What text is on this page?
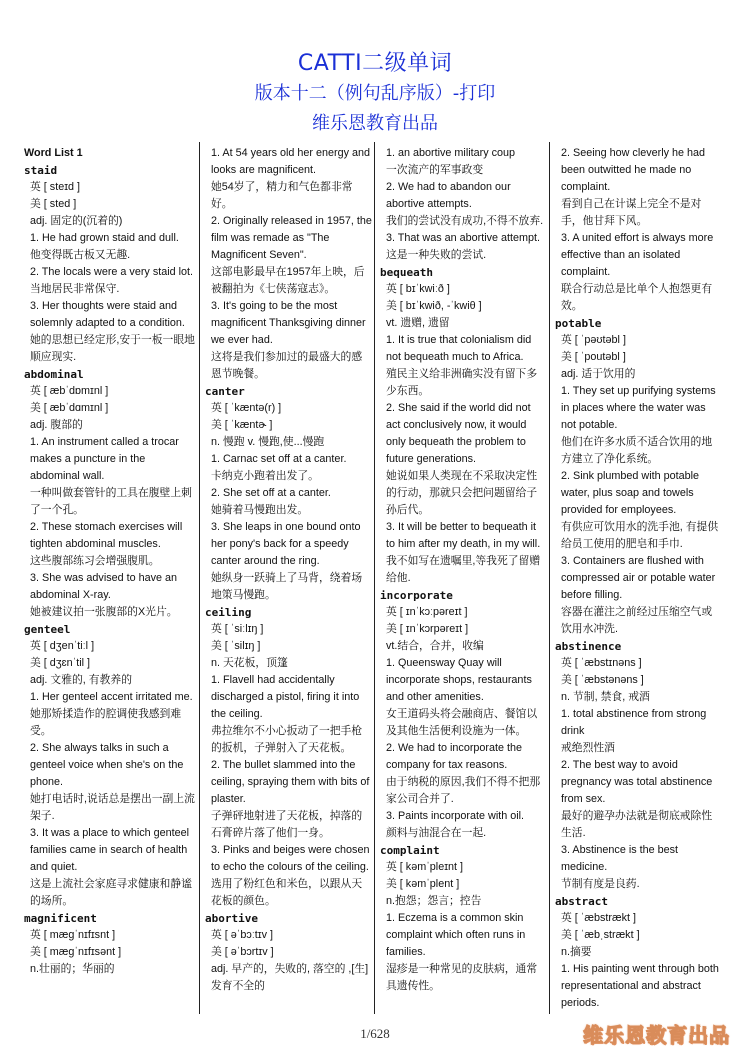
CATTI二级单词
版本十二（例句乱序版）-打印
维乐恩教育出品
Word List 1
staid
英 [ steɪd ]
美 [ sted ]
adj. 固定的(沉着的)
1. He had grown staid and dull.
他变得既古板又无趣.
2. The locals were a very staid lot.
当地居民非常保守.
3. Her thoughts were staid and solemnly adapted to a condition.
她的思想已经定形,安于一板一眼地顺应现实.
abdominal
英 [ æbˈdɒmɪnl ]
美 [ æbˈdɑmɪnl ]
adj. 腹部的
1. An instrument called a trocar makes a puncture in the abdominal wall.
一种叫做套管针的工具在腹壁上刺了一个孔。
2. These stomach exercises will tighten abdominal muscles.
这些腹部练习会增强腹肌。
3. She was advised to have an abdominal X-ray.
她被建议拍一张腹部的X光片。
genteel
英 [ dʒenˈtiːl ]
美 [ dʒɛnˈtil ]
adj. 文雅的, 有教养的
1. Her genteel accent irritated me.
她那矫揉造作的腔调使我感到难受。
2. She always talks in such a genteel voice when she's on the phone.
她打电话时,说话总是摆出一副上流架子.
3. It was a place to which genteel families came in search of health and quiet.
这是上流社会家庭寻求健康和静谧的场所。
magnificent
英 [ mæɡˈnɪfɪsnt ]
美 [ mæɡˈnɪfɪsənt ]
n.壮丽的；华丽的
1. At 54 years old her energy and looks are magnificent.
她54岁了，精力和气色都非常好。
2. Originally released in 1957, the film was remade as "The Magnificent Seven".
这部电影最早在1957年上映，后被翻拍为《七侠荡寇志》。
3. It's going to be the most magnificent Thanksgiving dinner we ever had.
这将是我们参加过的最盛大的感恩节晚餐。
canter
英 [ ˈkæntə(r) ]
美 [ ˈkæntɚ ]
n. 慢跑 v. 慢跑,使...慢跑
1. Carnac set off at a canter.
卡纳克小跑着出发了。
2. She set off at a canter.
她骑着马慢跑出发。
3. She leaps in one bound onto her pony's back for a speedy canter around the ring.
她纵身一跃骑上了马背，绕着场地策马慢跑。
ceiling
英 [ ˈsiːlɪŋ ]
美 [ ˈsilɪŋ ]
n. 天花板，顶篷
1. Flavell had accidentally discharged a pistol, firing it into the ceiling.
弗拉维尔不小心扳动了一把手枪的扳机，子弹射入了天花板。
2. The bullet slammed into the ceiling, spraying them with bits of plaster.
子弹砰地射进了天花板，掉落的石膏碎片落了他们一身。
3. Pinks and beiges were chosen to echo the colours of the ceiling.
选用了粉红色和米色，以跟从天花板的颜色。
abortive
英 [ əˈbɔːtɪv ]
美 [ əˈbɔrtɪv ]
adj. 早产的，失败的, 落空的 ,[生]发育不全的
1. an abortive military coup
一次流产的军事政变
2. We had to abandon our abortive attempts.
我们的尝试没有成功,不得不放弃.
3. That was an abortive attempt.
这是一种失败的尝试.
bequeath
英 [ bɪˈkwiːð ]
美 [ bɪˈkwið, -ˈkwiθ ]
vt. 遗赠, 遗留
1. It is true that colonialism did not bequeath much to Africa.
殖民主义给非洲确实没有留下多少东西。
2. She said if the world did not act conclusively now, it would only bequeath the problem to future generations.
她说如果人类现在不采取决定性的行动，那就只会把问题留给子孙后代。
3. It will be better to bequeath it to him after my death, in my will.
我不如写在遗嘱里,等我死了留赠给他.
incorporate
英 [ ɪnˈkɔːpəreɪt ]
美 [ ɪnˈkɔrpəreɪt ]
vt.结合，合并，收编
1. Queensway Quay will incorporate shops, restaurants and other amenities.
女王道码头将会融商店、餐馆以及其他生活便利设施为一体。
2. We had to incorporate the company for tax reasons.
由于纳税的原因,我们不得不把那家公司合并了.
3. Paints incorporate with oil.
颜料与油混合在一起.
complaint
英 [ kəmˈpleɪnt ]
美 [ kəmˈplent ]
n.抱怨；怨言；控告
1. Eczema is a common skin complaint which often runs in families.
湿疹是一种常见的皮肤病，通常具遗传性。
2. Seeing how cleverly he had been outwitted he made no complaint.
看到自己在计谋上完全不是对手，他甘拜下风。
3. A united effort is always more effective than an isolated complaint.
联合行动总是比单个人抱怨更有效。
potable
英 [ ˈpəʊtəbl ]
美 [ ˈpoutəbl ]
adj. 适于饮用的
1. They set up purifying systems in places where the water was not potable.
他们在许多水质不适合饮用的地方建立了净化系统。
2. Sink plumbed with potable water, plus soap and towels provided for employees.
有供应可饮用水的洗手池, 有提供给员工使用的肥皂和手巾.
3. Containers are flushed with compressed air or potable water before filling.
容器在灌注之前经过压缩空气或饮用水冲洗.
abstinence
英 [ ˈæbstɪnəns ]
美 [ ˈæbstənəns ]
n. 节制, 禁食, 戒酒
1. total abstinence from strong drink
戒绝烈性酒
2. The best way to avoid pregnancy was total abstinence from sex.
最好的避孕办法就是彻底戒除性生活.
3. Abstinence is the best medicine.
节制有度是良药.
abstract
英 [ ˈæbstrækt ]
美 [ ˈæbˌstrækt ]
n.摘要
1. His painting went through both representational and abstract periods.
1/628	维乐恩教育出品
